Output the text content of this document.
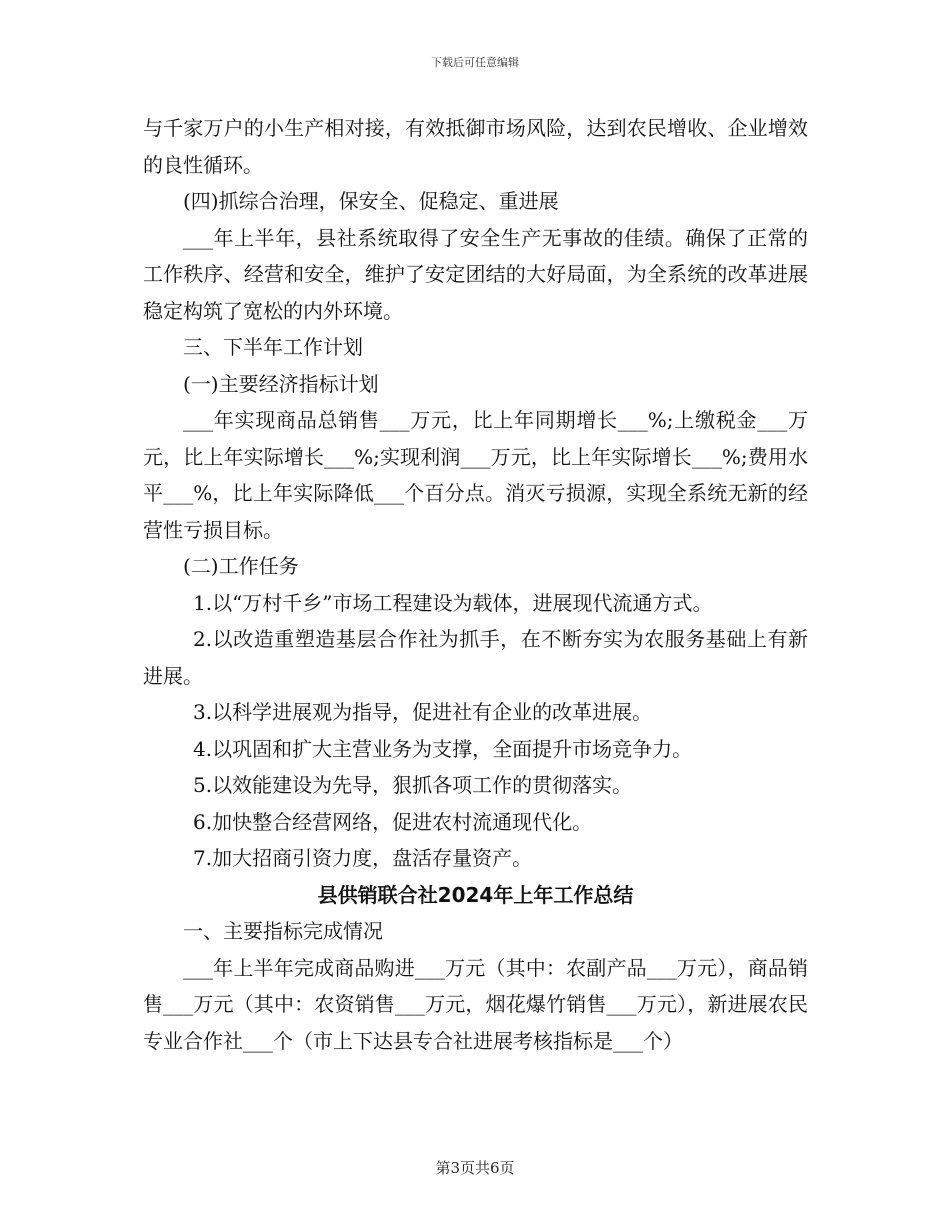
下载后可任意编辑

与千家万户的小生产相对接，有效抵御市场风险，达到农民增收、企业增效的良性循环。

(四)抓综合治理，保安全、促稳定、重进展

___年上半年，县社系统取得了安全生产无事故的佳绩。确保了正常的工作秩序、经营和安全，维护了安定团结的大好局面，为全系统的改革进展稳定构筑了宽松的内外环境。

三、下半年工作计划

(一)主要经济指标计划

___年实现商品总销售___万元，比上年同期增长___%;上缴税金___万元，比上年实际增长___%;实现利润___万元，比上年实际增长___%;费用水平___%，比上年实际降低___个百分点。消灭亏损源，实现全系统无新的经营性亏损目标。

(二)工作任务

1.以“万村千乡”市场工程建设为载体，进展现代流通方式。

2.以改造重塑造基层合作社为抓手，在不断夯实为农服务基础上有新进展。

3.以科学进展观为指导，促进社有企业的改革进展。

4.以巩固和扩大主营业务为支撑，全面提升市场竞争力。

5.以效能建设为先导，狠抓各项工作的贯彻落实。

6.加快整合经营网络，促进农村流通现代化。

7.加大招商引资力度，盘活存量资产。

县供销联合社2024年上年工作总结

一、主要指标完成情况

___年上半年完成商品购进___万元（其中：农副产品___万元），商品销售___万元（其中：农资销售___万元，烟花爆竹销售___万元），新进展农民专业合作社___个（市上下达县专合社进展考核指标是___个）

第3页共6页
